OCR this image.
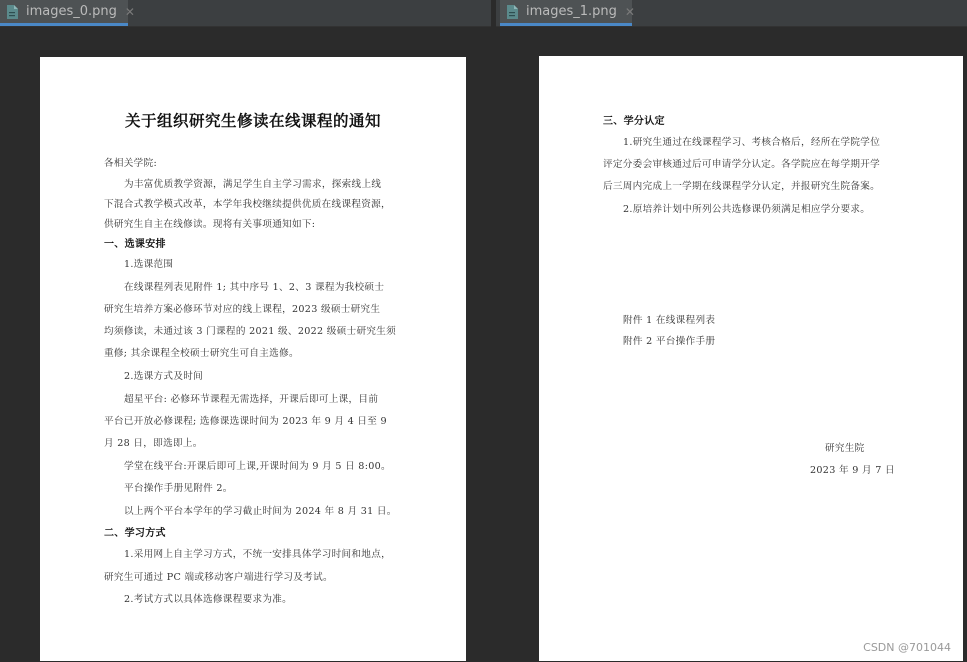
images_0.png ✕
关于组织研究生修读在线课程的通知
各相关学院:
为丰富优质教学资源，满足学生自主学习需求，探索线上线
下混合式教学模式改革，本学年我校继续提供优质在线课程资源，
供研究生自主在线修读。现将有关事项通知如下:
一、选课安排
1.选课范围
在线课程列表见附件 1; 其中序号 1、2、3 课程为我校硕士
研究生培养方案必修环节对应的线上课程，2023 级硕士研究生
均须修读，未通过该 3 门课程的 2021 级、2022 级硕士研究生须
重修; 其余课程全校硕士研究生可自主选修。
2.选课方式及时间
超星平台: 必修环节课程无需选择，开课后即可上课，目前
平台已开放必修课程; 选修课选课时间为 2023 年 9 月 4 日至 9
月 28 日，即选即上。
学堂在线平台:开课后即可上课,开课时间为 9 月 5 日 8:00。
平台操作手册见附件 2。
以上两个平台本学年的学习截止时间为 2024 年 8 月 31 日。
二、学习方式
1.采用网上自主学习方式，不统一安排具体学习时间和地点，
研究生可通过 PC 端或移动客户端进行学习及考试。
2.考试方式以具体选修课程要求为准。
images_1.png ✕
三、学分认定
1.研究生通过在线课程学习、考核合格后，经所在学院学位
评定分委会审核通过后可申请学分认定。各学院应在每学期开学
后三周内完成上一学期在线课程学分认定，并报研究生院备案。
2.原培养计划中所列公共选修课仍须满足相应学分要求。
附件 1 在线课程列表
附件 2 平台操作手册
研究生院
2023 年 9 月 7 日
CSDN @701044
